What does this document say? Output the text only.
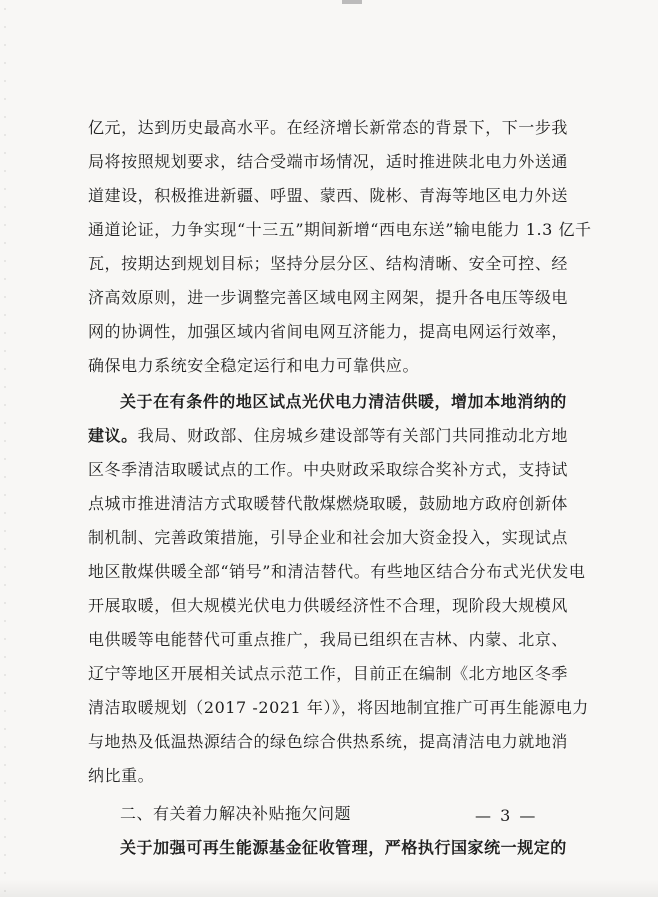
亿元，达到历史最高水平。在经济增长新常态的背景下，下一步我
局将按照规划要求，结合受端市场情况，适时推进陕北电力外送通
道建设，积极推进新疆、呼盟、蒙西、陇彬、青海等地区电力外送
通道论证，力争实现“十三五”期间新增“西电东送”输电能力 1.3 亿千
瓦，按期达到规划目标；坚持分层分区、结构清晰、安全可控、经
济高效原则，进一步调整完善区域电网主网架，提升各电压等级电
网的协调性，加强区域内省间电网互济能力，提高电网运行效率，
确保电力系统安全稳定运行和电力可靠供应。
关于在有条件的地区试点光伏电力清洁供暖，增加本地消纳的
建议。我局、财政部、住房城乡建设部等有关部门共同推动北方地
区冬季清洁取暖试点的工作。中央财政采取综合奖补方式，支持试
点城市推进清洁方式取暖替代散煤燃烧取暖，鼓励地方政府创新体
制机制、完善政策措施，引导企业和社会加大资金投入，实现试点
地区散煤供暖全部“销号”和清洁替代。有些地区结合分布式光伏发电
开展取暖，但大规模光伏电力供暖经济性不合理，现阶段大规模风
电供暖等电能替代可重点推广，我局已组织在吉林、内蒙、北京、
辽宁等地区开展相关试点示范工作，目前正在编制《北方地区冬季
清洁取暖规划（2017 -2021 年）》，将因地制宜推广可再生能源电力
与地热及低温热源结合的绿色综合供热系统，提高清洁电力就地消
纳比重。
二、有关着力解决补贴拖欠问题
关于加强可再生能源基金征收管理，严格执行国家统一规定的
— 3 —
